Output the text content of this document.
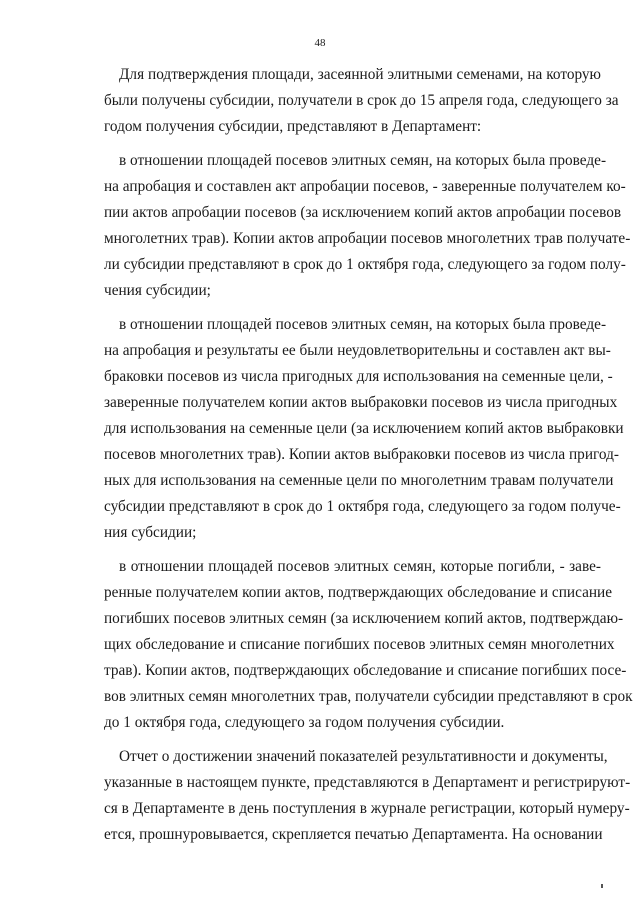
48
Для подтверждения площади, засеянной элитными семенами, на которую
были получены субсидии, получатели в срок до 15 апреля года, следующего за
годом получения субсидии, представляют в Департамент:
в отношении площадей посевов элитных семян, на которых была проведе-
на апробация и составлен акт апробации посевов, - заверенные получателем ко-
пии актов апробации посевов (за исключением копий актов апробации посевов
многолетних трав). Копии актов апробации посевов многолетних трав получате-
ли субсидии представляют в срок до 1 октября года, следующего за годом полу-
чения субсидии;
в отношении площадей посевов элитных семян, на которых была проведе-
на апробация и результаты ее были неудовлетворительны и составлен акт вы-
браковки посевов из числа пригодных для использования на семенные цели, -
заверенные получателем копии актов выбраковки посевов из числа пригодных
для использования на семенные цели (за исключением копий актов выбраковки
посевов многолетних трав). Копии актов выбраковки посевов из числа пригод-
ных для использования на семенные цели по многолетним травам получатели
субсидии представляют в срок до 1 октября года, следующего за годом получе-
ния субсидии;
в отношении площадей посевов элитных семян, которые погибли, - заве-
ренные получателем копии актов, подтверждающих обследование и списание
погибших посевов элитных семян (за исключением копий актов, подтверждаю-
щих обследование и списание погибших посевов элитных семян многолетних
трав). Копии актов, подтверждающих обследование и списание погибших посе-
вов элитных семян многолетних трав, получатели субсидии представляют в срок
до 1 октября года, следующего за годом получения субсидии.
Отчет о достижении значений показателей результативности и документы,
указанные в настоящем пункте, представляются в Департамент и регистрируют-
ся в Департаменте в день поступления в журнале регистрации, который нумеру-
ется, прошнуровывается, скрепляется печатью Департамента. На основании
